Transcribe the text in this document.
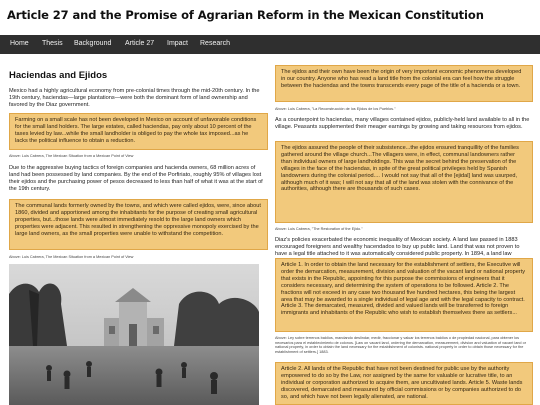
Article 27 and the Promise of Agrarian Reform in the Mexican Constitution
Home Thesis Background Article 27 Impact Research
Haciendas and Ejidos

Mexico had a highly agricultural economy from pre-colonial times through the mid-20th century. In the 19th century, haciendas—large plantations—were both the dominant form of land ownership and favored by the Diaz government.

Farming on a small scale has not been developed in Mexico on account of unfavorable conditions for the small land holders. The large estates, called haciendas, pay only about 10 percent of the taxes levied by law...while the small landholder is obliged to pay the whole tax imposed...as he lacks the political influence to obtain a reduction.
Above: Luis Cabrera, The Mexican Situation from a Mexican Point of View

Due to the aggressive buying tactics of foreign companies and hacienda owners, 68 million acres of land had been possessed by land companies. By the end of the Porfiriato, roughly 95% of villages lost their ejidos and the purchasing power of pesos decreased to less than half of what it was at the start of the 19th century.

The communal lands formerly owned by the towns, and which were called ejidos, were, since about 1860, divided and apportioned among the inhabitants for the purpose of creating small agricultural properties, but...those lands were almost immediately resold to the large land owners which properties were adjacent. This resulted in strengthening the oppressive monopoly exercised by the large land owners, as the small properties were unable to withstand the competition.
Above: Luis Cabrera, The Mexican Situation from a Mexican Point of View
The ejidos and their own have been the origin of very important economic phenomena developed in our country. Anyone who has read a land title from the colonial era can feel how the struggle between the haciendas and the towns transcends every page of the title of a hacienda or a town.
Above: Luis Cabrera, "La Reconstrucción de los Ejidos de los Pueblos."

As a counterpoint to haciendas, many villages contained ejidos, publicly-held land available to all in the village. Peasants supplemented their meager earnings by growing and taking resources from ejidos.

The ejidos assured the people of their subsistence...the ejidos ensured tranquillity of the families gathered around the village church...The villagers were, in effect, communal landowners rather than individual owners of large landholdings. This was the secret behind the preservation of the villages in the face of the haciendas, in spite of the great political privileges held by Spanish landowners during the colonial period.... I would not say that all of the [ejidal] land was usurped, although much of it was; I will not say that all of the land was stolen with the connivance of the authorities, although there are thousands of such cases.
Above: Luis Cabrera, "The Restoration of the Ejido."

Diaz's policies exacerbated the economic inequality of Mexican society. A land law passed in 1883 encouraged foreigners and wealthy hacendados to buy up public land. Land that was not proven to have a legal title attached to it was automatically considered public property. In 1894, a land law

Article 1. In order to obtain the land necessary for the establishment of settlers, the Executive will order the demarcation, measurement, division and valuation of the vacant land or national property that exists in the Republic, appointing for this purpose the commissions of engineers that it considers necessary, and determining the system of operations to be followed. Article 2. The fractions will not exceed in any case two thousand five hundred hectares, this being the largest area that may be awarded to a single individual of legal age and with the legal capacity to contract. Article 3. The demarcated, measured, divided and valued lands will be transferred to foreign immigrants and inhabitants of the Republic who wish to establish themselves there as settlers...
Above: Ley sobre terrenos baldíos, mandando deslindar, medir, fraccionar y valuar los terrenos baldíos o de propiedad nacional, para obtener los necesarios para el establecimiento de colonos. [Law on vacant land, ordering the demarcation, measurement, division and valuation of vacant land or national property, in order to obtain the land necessary for the establishment of colonists. national property in order to obtain those necessary for the establishment of settlers.] 1883.
Article 2. All lands of the Republic that have not been destined for public use by the authority empowered to do so by the Law, nor assigned by the same for valuable or lucrative title, to an individual or corporation authorized to acquire them, are uncultivated lands. Article 5. Waste lands discovered, demarcated and measured by official commissions or by companies authorized to do so, and which have not been legally alienated, are national.
